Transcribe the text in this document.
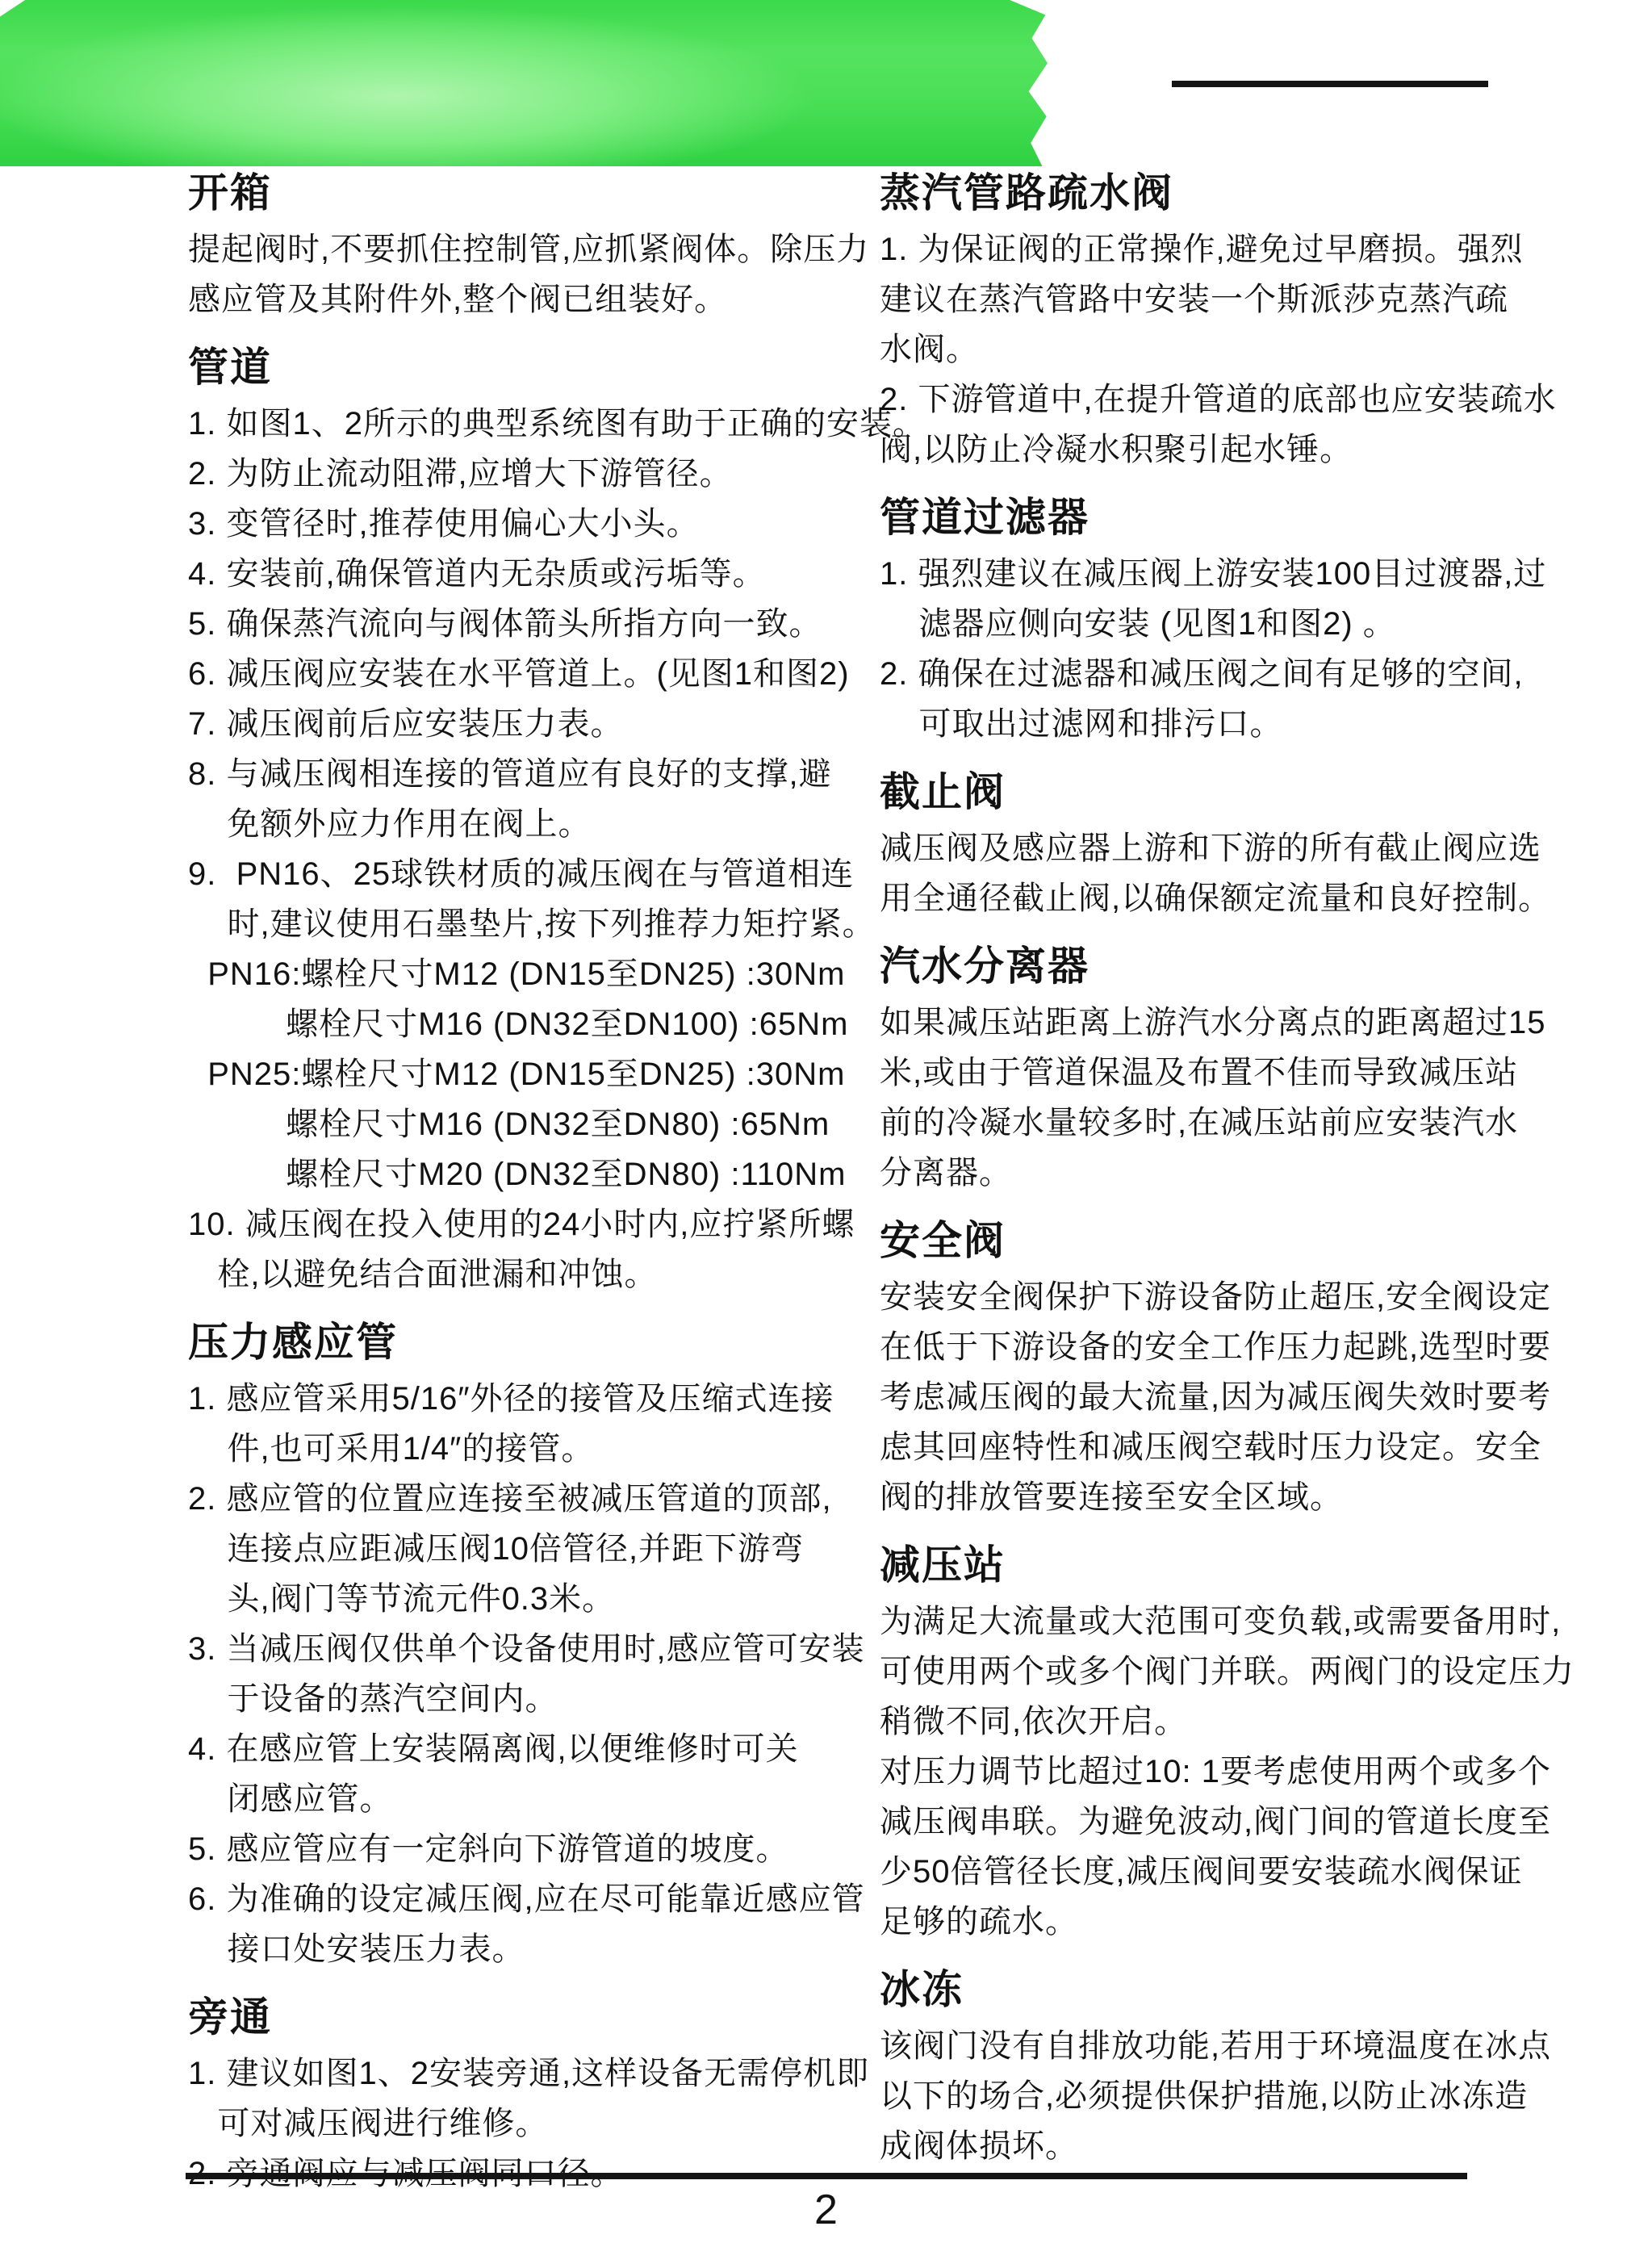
开箱
提起阀时,不要抓住控制管,应抓紧阀体。除压力
感应管及其附件外,整个阀已组装好。
管道
1. 如图1、2所示的典型系统图有助于正确的安装。
2. 为防止流动阻滞,应增大下游管径。
3. 变管径时,推荐使用偏心大小头。
4. 安装前,确保管道内无杂质或污垢等。
5. 确保蒸汽流向与阀体箭头所指方向一致。
6. 减压阀应安装在水平管道上。(见图1和图2)
7. 减压阀前后应安装压力表。
8. 与减压阀相连接的管道应有良好的支撑,避
免额外应力作用在阀上。
9.  PN16、25球铁材质的减压阀在与管道相连
时,建议使用石墨垫片,按下列推荐力矩拧紧。
PN16:螺栓尺寸M12 (DN15至DN25) :30Nm
螺栓尺寸M16 (DN32至DN100) :65Nm
PN25:螺栓尺寸M12 (DN15至DN25) :30Nm
螺栓尺寸M16 (DN32至DN80) :65Nm
螺栓尺寸M20 (DN32至DN80) :110Nm
10. 减压阀在投入使用的24小时内,应拧紧所螺
栓,以避免结合面泄漏和冲蚀。
压力感应管
1. 感应管采用5/16″外径的接管及压缩式连接
件,也可采用1/4″的接管。
2. 感应管的位置应连接至被减压管道的顶部,
连接点应距减压阀10倍管径,并距下游弯
头,阀门等节流元件0.3米。
3. 当减压阀仅供单个设备使用时,感应管可安装
于设备的蒸汽空间内。
4. 在感应管上安装隔离阀,以便维修时可关
闭感应管。
5. 感应管应有一定斜向下游管道的坡度。
6. 为准确的设定减压阀,应在尽可能靠近感应管
接口处安装压力表。
旁通
1. 建议如图1、2安装旁通,这样设备无需停机即
可对减压阀进行维修。
蒸汽管路疏水阀
1. 为保证阀的正常操作,避免过早磨损。强烈
建议在蒸汽管路中安装一个斯派莎克蒸汽疏
水阀。
2. 下游管道中,在提升管道的底部也应安装疏水
阀,以防止冷凝水积聚引起水锤。
管道过滤器
1. 强烈建议在减压阀上游安装100目过渡器,过
滤器应侧向安装 (见图1和图2) 。
2. 确保在过滤器和减压阀之间有足够的空间,
可取出过滤网和排污口。
截止阀
减压阀及感应器上游和下游的所有截止阀应选
用全通径截止阀,以确保额定流量和良好控制。
汽水分离器
如果减压站距离上游汽水分离点的距离超过15
米,或由于管道保温及布置不佳而导致减压站
前的冷凝水量较多时,在减压站前应安装汽水
分离器。
安全阀
安装安全阀保护下游设备防止超压,安全阀设定
在低于下游设备的安全工作压力起跳,选型时要
考虑减压阀的最大流量,因为减压阀失效时要考
虑其回座特性和减压阀空载时压力设定。安全
阀的排放管要连接至安全区域。
减压站
为满足大流量或大范围可变负载,或需要备用时,
可使用两个或多个阀门并联。两阀门的设定压力
稍微不同,依次开启。
对压力调节比超过10: 1要考虑使用两个或多个
减压阀串联。为避免波动,阀门间的管道长度至
少50倍管径长度,减压阀间要安装疏水阀保证
足够的疏水。
冰冻
该阀门没有自排放功能,若用于环境温度在冰点
以下的场合,必须提供保护措施,以防止冰冻造
成阀体损坏。
2
